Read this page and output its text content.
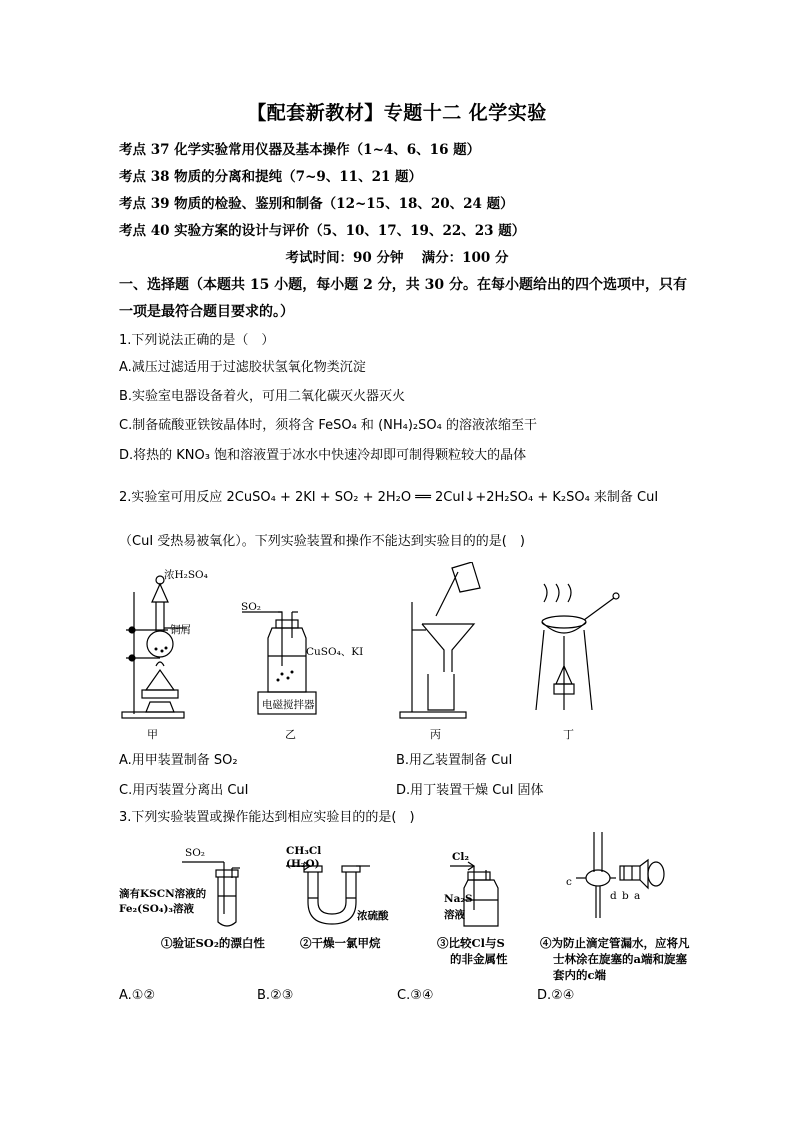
【配套新教材】专题十二 化学实验
考点 37 化学实验常用仪器及基本操作（1~4、6、16 题）
考点 38 物质的分离和提纯（7~9、11、21 题）
考点 39 物质的检验、鉴别和制备（12~15、18、20、24 题）
考点 40 实验方案的设计与评价（5、10、17、19、22、23 题）
考试时间：90 分钟　 满分：100 分
一、选择题（本题共 15 小题，每小题 2 分，共 30 分。在每小题给出的四个选项中，只有
一项是最符合题目要求的。）
1.下列说法正确的是（　）
A.减压过滤适用于过滤胶状氢氧化物类沉淀
B.实验室电器设备着火，可用二氧化碳灭火器灭火
C.制备硫酸亚铁铵晶体时，须将含 FeSO₄ 和 (NH₄)₂SO₄ 的溶液浓缩至干
D.将热的 KNO₃ 饱和溶液置于冰水中快速冷却即可制得颗粒较大的晶体
2.实验室可用反应 2CuSO₄ + 2KI + SO₂ + 2H₂O ══ 2CuI↓+2H₂SO₄ + K₂SO₄ 来制备 CuI
（CuI 受热易被氧化）。下列实验装置和操作不能达到实验目的的是(　)
浓H₂SO₄
铜屑
SO₂
CuSO₄、KI
电磁搅拌器
甲	乙	丙	丁
A.用甲装置制备 SO₂	B.用乙装置制备 CuI
C.用丙装置分离出 CuI	D.用丁装置干燥 CuI 固体
3.下列实验装置或操作能达到相应实验目的的是(　)
SO₂
滴有KSCN溶液的
Fe₂(SO₄)₃溶液
①验证SO₂的漂白性
CH₃Cl
(H₂O)
浓硫酸
②干燥一氯甲烷
Cl₂
Na₂S
溶液
③比较Cl与S
的非金属性
c
d b a
④为防止滴定管漏水，应将凡
士林涂在旋塞的a端和旋塞
套内的c端
A.①②	B.②③	C.③④	D.②④
